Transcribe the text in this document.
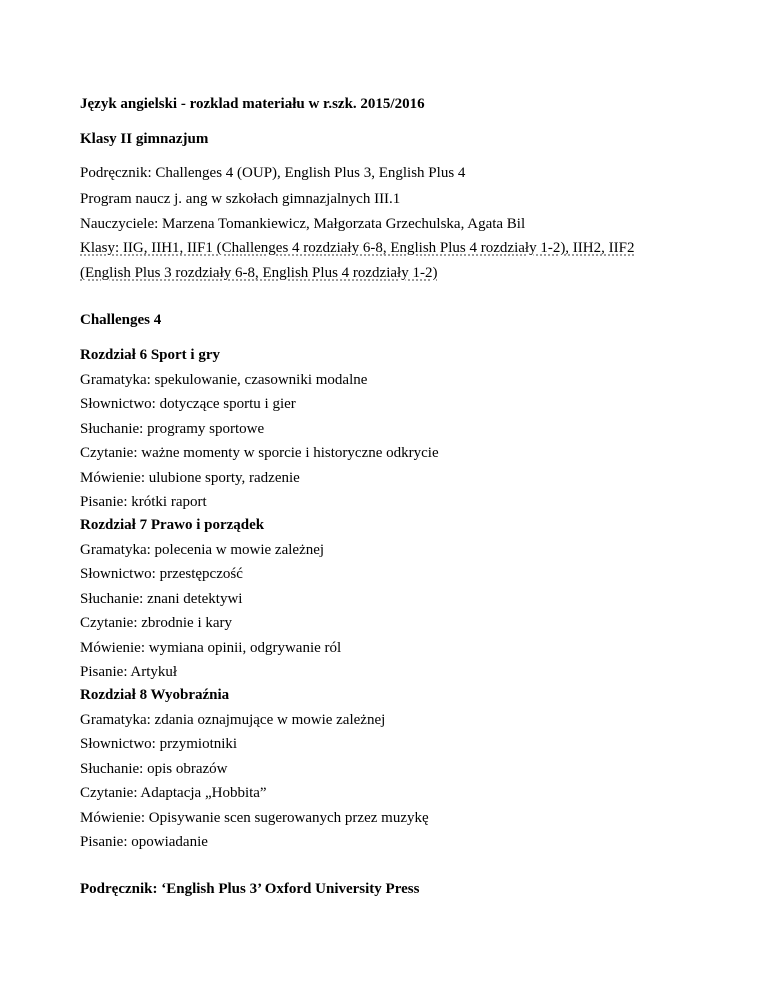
Język angielski - rozklad materiału w r.szk. 2015/2016
Klasy II gimnazjum
Podręcznik: Challenges 4 (OUP), English Plus 3, English Plus 4
Program naucz j. ang w szkołach gimnazjalnych III.1
Nauczyciele: Marzena Tomankiewicz, Małgorzata Grzechulska, Agata Bil
Klasy: IIG, IIH1, IIF1 (Challenges 4 rozdziały 6-8, English Plus 4 rozdziały 1-2), IIH2, IIF2
(English Plus 3 rozdziały 6-8, English Plus 4 rozdziały 1-2)
Challenges 4
Rozdział 6 Sport i gry
Gramatyka: spekulowanie, czasowniki modalne
Słownictwo: dotyczące sportu i gier
Słuchanie: programy sportowe
Czytanie: ważne momenty w sporcie i historyczne odkrycie
Mówienie: ulubione sporty, radzenie
Pisanie: krótki raport
Rozdział 7 Prawo i porządek
Gramatyka: polecenia w mowie zależnej
Słownictwo: przestępczość
Słuchanie: znani detektywi
Czytanie: zbrodnie i kary
Mówienie: wymiana opinii, odgrywanie ról
Pisanie: Artykuł
Rozdział 8 Wyobraźnia
Gramatyka: zdania oznajmujące w mowie zależnej
Słownictwo: przymiotniki
Słuchanie: opis obrazów
Czytanie: Adaptacja „Hobbita”
Mówienie: Opisywanie scen sugerowanych przez muzykę
Pisanie: opowiadanie
Podręcznik: ‘English Plus 3’ Oxford University Press
